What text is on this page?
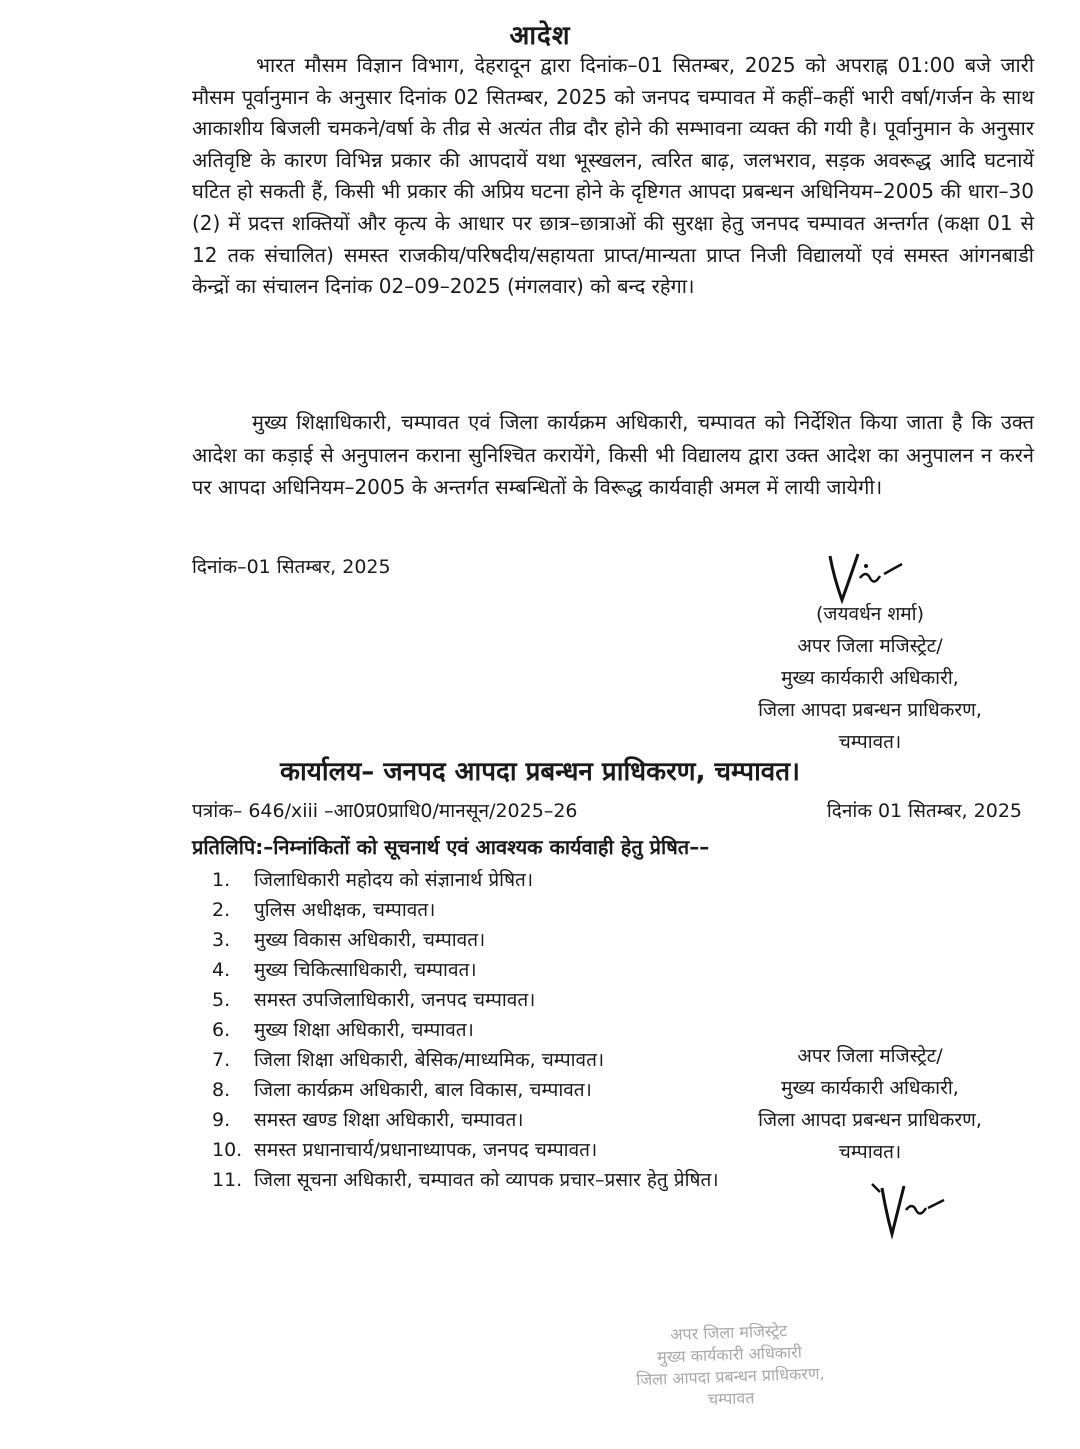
आदेश

भारत मौसम विज्ञान विभाग, देहरादून द्वारा दिनांक–01 सितम्बर, 2025 को अपराह्न 01:00 बजे जारी मौसम पूर्वानुमान के अनुसार दिनांक 02 सितम्बर, 2025 को जनपद चम्पावत में कहीं–कहीं भारी वर्षा/गर्जन के साथ आकाशीय बिजली चमकने/वर्षा के तीव्र से अत्यंत तीव्र दौर होने की सम्भावना व्यक्त की गयी है। पूर्वानुमान के अनुसार अतिवृष्टि के कारण विभिन्न प्रकार की आपदायें यथा भूस्खलन, त्वरित बाढ़, जलभराव, सड़क अवरूद्ध आदि घटनायें घटित हो सकती हैं, किसी भी प्रकार की अप्रिय घटना होने के दृष्टिगत आपदा प्रबन्धन अधिनियम–2005 की धारा–30 (2) में प्रदत्त शक्तियों और कृत्य के आधार पर छात्र–छात्राओं की सुरक्षा हेतु जनपद चम्पावत अन्तर्गत (कक्षा 01 से 12 तक संचालित) समस्त राजकीय/परिषदीय/सहायता प्राप्त/मान्यता प्राप्त निजी विद्यालयों एवं समस्त आंगनबाडी केन्द्रों का संचालन दिनांक 02–09–2025 (मंगलवार) को बन्द रहेगा।

मुख्य शिक्षाधिकारी, चम्पावत एवं जिला कार्यक्रम अधिकारी, चम्पावत को निर्देशित किया जाता है कि उक्त आदेश का कड़ाई से अनुपालन कराना सुनिश्चित करायेंगे, किसी भी विद्यालय द्वारा उक्त आदेश का अनुपालन न करने पर आपदा अधिनियम–2005 के अन्तर्गत सम्बन्धितों के विरूद्ध कार्यवाही अमल में लायी जायेगी।

दिनांक–01 सितम्बर, 2025
(जयवर्धन शर्मा)
अपर जिला मजिस्ट्रेट/
मुख्य कार्यकारी अधिकारी,
जिला आपदा प्रबन्धन प्राधिकरण,
चम्पावत।
कार्यालय– जनपद आपदा प्रबन्धन प्राधिकरण, चम्पावत।
पत्रांक– 646/xiii –आ0प्र0प्राधि0/मानसून/2025–26	दिनांक 01 सितम्बर, 2025
प्रतिलिपि:–निम्नांकितों को सूचनार्थ एवं आवश्यक कार्यवाही हेतु प्रेषित––
1. जिलाधिकारी महोदय को संज्ञानार्थ प्रेषित।
2. पुलिस अधीक्षक, चम्पावत।
3. मुख्य विकास अधिकारी, चम्पावत।
4. मुख्य चिकित्साधिकारी, चम्पावत।
5. समस्त उपजिलाधिकारी, जनपद चम्पावत।
6. मुख्य शिक्षा अधिकारी, चम्पावत।
7. जिला शिक्षा अधिकारी, बेसिक/माध्यमिक, चम्पावत।
8. जिला कार्यक्रम अधिकारी, बाल विकास, चम्पावत।
9. समस्त खण्ड शिक्षा अधिकारी, चम्पावत।
10. समस्त प्रधानाचार्य/प्रधानाध्यापक, जनपद चम्पावत।
11. जिला सूचना अधिकारी, चम्पावत को व्यापक प्रचार–प्रसार हेतु प्रेषित।
अपर जिला मजिस्ट्रेट/
मुख्य कार्यकारी अधिकारी,
जिला आपदा प्रबन्धन प्राधिकरण,
चम्पावत।
अपर जिला मजिस्ट्रेट
मुख्य कार्यकारी अधिकारी
जिला आपदा प्रबन्धन प्राधिकरण,
चम्पावत
